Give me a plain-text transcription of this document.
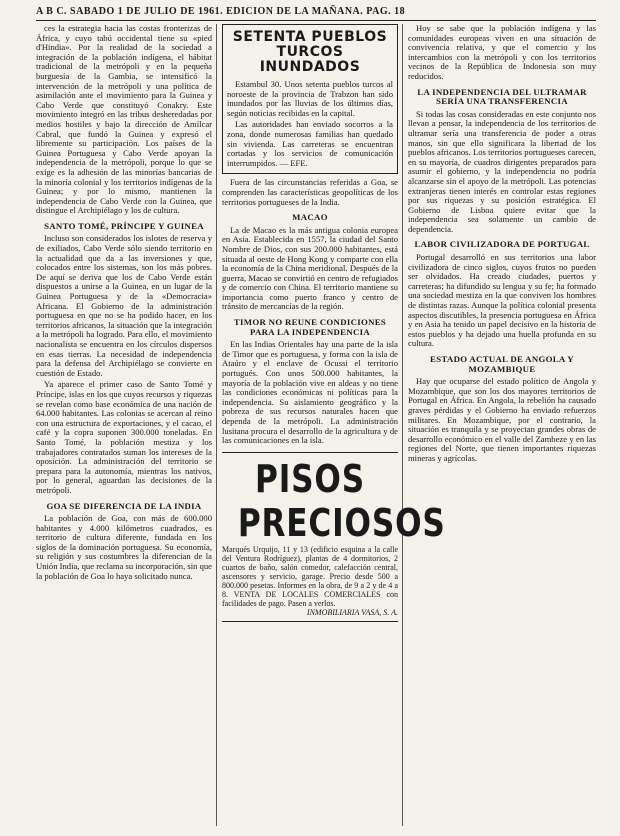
A B C. SABADO 1 DE JULIO DE 1961. EDICION DE LA MAÑANA. PAG. 18

ces la estrategia hacia las costas fronterizas de África, y cuyo tabú occidental tiene su «pied d'Hindia». Por la realidad de la sociedad a integración de la población indígena, el hábitat tradicional de la metrópoli y en la pequeña burguesía de la Gambia, se intensificó la intervención de la metrópoli y una política de asimilación ante el movimiento para la Guinea y Cabo Verde que constituyó Conakry. Este movimiento integró en las tribus desheredadas por medios hostiles y bajo la dirección de Amílcar Cabral, que fundó la Guinea y expresó el libremente su participación. Los países de la Guinea Portuguesa y Cabo Verde apoyan la independencia de la metrópoli, porque lo que se exige es la adhesión de las minorías bancarias de la minoría colonial y los territorios indígenas de la Guinea; y por lo mismo, mantienen la independencia de Cabo Verde con la Guinea, que distingue el Archipiélago y los de cultura.

SANTO TOMÉ, PRÍNCIPE Y GUINEA

Incluso son considerados los islotes de reserva y de exiliados, Cabo Verde sólo siendo territorio en la actualidad que da a las inversiones y que, colocados entre los sistemas, son los más pobres. De aquí se deriva que los de Cabo Verde están dispuestos a unirse a la Guinea, en un lugar de la Guinea Portuguesa y de la «Democracia» Africana. El Gobierno de la administración portuguesa en que no se ha podido hacer, en los territorios africanos, la situación que la integración a la metrópoli ha logrado. Para ello, el movimiento nacionalista se encuentra en los círculos dispersos en esas tierras. La necesidad de independencia para la defensa del Archipiélago se convierte en cuestión de Estado.

Ya aparece el primer caso de Santo Tomé y Príncipe, islas en los que cuyos recursos y riquezas se revelan como base económica de una nación de 64.000 habitantes. Las colonias se acercan al reino con una estructura de exportaciones, y el cacao, el café y la copra suponen 300.000 toneladas. En Santo Tomé, la población mestiza y los trabajadores contratados suman los intereses de la oposición. La administración del territorio se prepara para la autonomía, mientras los nativos, por lo general, aguardan las decisiones de la metrópoli.

GOA SE DIFERENCIA DE LA INDIA

La población de Goa, con más de 600.000 habitantes y 4.000 kilómetros cuadrados, es territorio de cultura diferente, fundada en los siglos de la dominación portuguesa. Su economía, su religión y sus costumbres la diferencian de la Unión India, que reclama su incorporación, sin que la población de Goa lo haya solicitado nunca.

SETENTA PUEBLOS TURCOS INUNDADOS

Estambul 30. Unos setenta pueblos turcos al noroeste de la provincia de Trabzon han sido inundados por las lluvias de los últimos días, según noticias recibidas en la capital.

Las autoridades han enviado socorros a la zona, donde numerosas familias han quedado sin vivienda. Las carreteras se encuentran cortadas y los servicios de comunicación interrumpidos. — EFE.

Fuera de las circunstancias referidas a Goa, se comprenden las características geopolíticas de los territorios portugueses de la India.

MACAO

La de Macao es la más antigua colonia europea en Asia. Establecida en 1557, la ciudad del Santo Nombre de Dios, con sus 200.000 habitantes, está situada al oeste de Hong Kong y comparte con ella la economía de la China meridional. Después de la guerra, Macao se convirtió en centro de refugiados y de comercio con China. El territorio mantiene su importancia como puerto franco y centro de tránsito de mercancías de la región.

TIMOR NO REUNE CONDICIONES PARA LA INDEPENDENCIA

En las Indias Orientales hay una parte de la isla de Timor que es portuguesa, y forma con la isla de Ataúro y el enclave de Ocussi el territorio portugués. Con unos 500.000 habitantes, la mayoría de la población vive en aldeas y no tiene las condiciones económicas ni políticas para la independencia. Su aislamiento geográfico y la pobreza de sus recursos naturales hacen que dependa de la metrópoli. La administración lusitana procura el desarrollo de la agricultura y de las comunicaciones en la isla.

PISOS PRECIOSOS
Marqués Urquijo, 11 y 13 (edificio esquina a la calle del Ventura Rodríguez), plantas de 4 dormitorios, 2 cuartos de baño, salón comedor, calefacción central, ascensores y servicio, garage. Precio desde 500 a 800.000 pesetas. Informes en la obra, de 9 a 2 y de 4 a 8. VENTA DE LOCALES COMERCIALES con facilidades de pago. Pasen a verlos.
INMOBILIARIA VASA, S. A.

Hoy se sabe que la población indígena y las comunidades europeas viven en una situación de convivencia relativa, y que el comercio y los intercambios con la metrópoli y con los territorios vecinos de la República de Indonesia son muy reducidos.

LA INDEPENDENCIA DEL ULTRAMAR SERÍA UNA TRANSFERENCIA

Si todas las cosas consideradas en este conjunto nos llevan a pensar, la independencia de los territorios de ultramar sería una transferencia de poder a otras manos, sin que ello significara la libertad de los pueblos africanos. Los territorios portugueses carecen, en su mayoría, de cuadros dirigentes preparados para asumir el gobierno, y la independencia no podría alcanzarse sin el apoyo de la metrópoli. Las potencias extranjeras tienen interés en controlar estas regiones por sus riquezas y su posición estratégica. El Gobierno de Lisboa quiere evitar que la independencia sea solamente un cambio de dependencia.

LABOR CIVILIZADORA DE PORTUGAL

Portugal desarrolló en sus territorios una labor civilizadora de cinco siglos, cuyos frutos no pueden ser olvidados. Ha creado ciudades, puertos y carreteras; ha difundido su lengua y su fe; ha formado una sociedad mestiza en la que conviven los hombres de distintas razas. Aunque la política colonial presenta aspectos discutibles, la presencia portuguesa en África y en Asia ha tenido un papel decisivo en la historia de estos pueblos y ha dejado una huella profunda en su cultura.

ESTADO ACTUAL DE ANGOLA Y MOZAMBIQUE

Hay que ocuparse del estado político de Angola y Mozambique, que son los dos mayores territorios de Portugal en África. En Angola, la rebelión ha causado graves pérdidas y el Gobierno ha enviado refuerzos militares. En Mozambique, por el contrario, la situación es tranquila y se proyectan grandes obras de desarrollo económico en el valle del Zambeze y en las regiones del Norte, que tienen importantes riquezas mineras y agrícolas.
